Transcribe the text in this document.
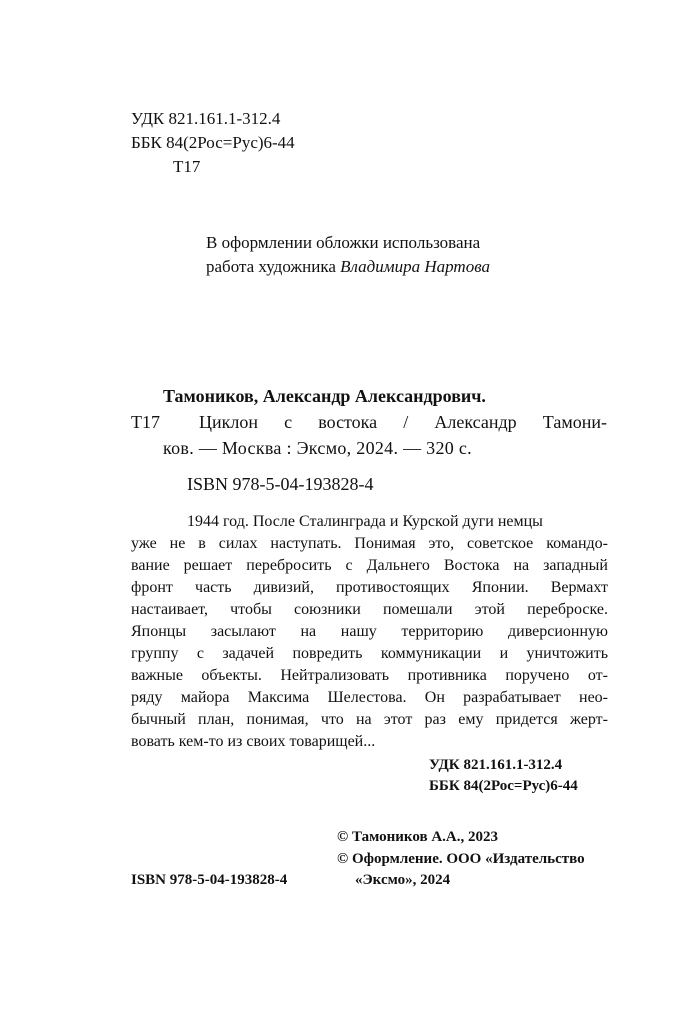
УДК 821.161.1-312.4
ББК 84(2Рос=Рус)6-44
Т17
В оформлении обложки использована
работа художника Владимира Нартова
Тамоников, Александр Александрович.
Т17 Циклон с востока / Александр Тамони-
ков. — Москва : Эксмо, 2024. — 320 с.
ISBN 978-5-04-193828-4
1944 год. После Сталинграда и Курской дуги немцы
уже не в силах наступать. Понимая это, советское командо-
вание решает перебросить с Дальнего Востока на западный
фронт часть дивизий, противостоящих Японии. Вермахт
настаивает, чтобы союзники помешали этой переброске.
Японцы засылают на нашу территорию диверсионную
группу с задачей повредить коммуникации и уничтожить
важные объекты. Нейтрализовать противника поручено от-
ряду майора Максима Шелестова. Он разрабатывает нео-
бычный план, понимая, что на этот раз ему придется жерт-
вовать кем-то из своих товарищей...
УДК 821.161.1-312.4
ББК 84(2Рос=Рус)6-44
© Тамоников А.А., 2023
© Оформление. ООО «Издательство
«Эксмо», 2024
ISBN 978-5-04-193828-4
